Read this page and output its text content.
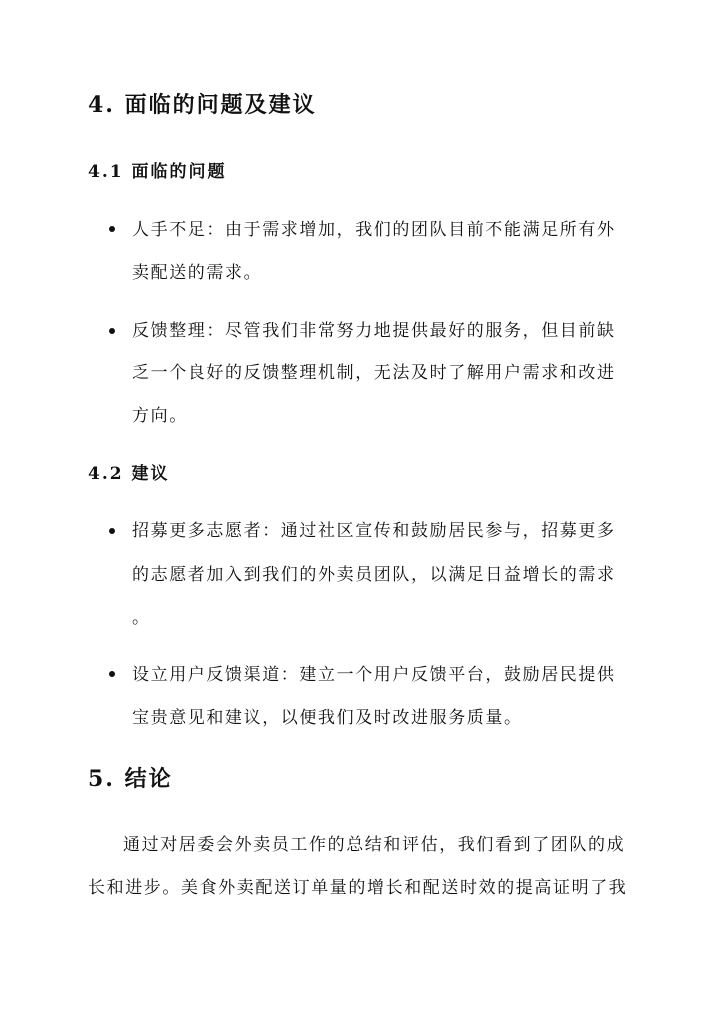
4. 面临的问题及建议
4.1 面临的问题
人手不足：由于需求增加，我们的团队目前不能满足所有外
卖配送的需求。
反馈整理：尽管我们非常努力地提供最好的服务，但目前缺
乏一个良好的反馈整理机制，无法及时了解用户需求和改进
方向。
4.2 建议
招募更多志愿者：通过社区宣传和鼓励居民参与，招募更多
的志愿者加入到我们的外卖员团队，以满足日益增长的需求
。
设立用户反馈渠道：建立一个用户反馈平台，鼓励居民提供
宝贵意见和建议，以便我们及时改进服务质量。
5. 结论
通过对居委会外卖员工作的总结和评估，我们看到了团队的成
长和进步。美食外卖配送订单量的增长和配送时效的提高证明了我
